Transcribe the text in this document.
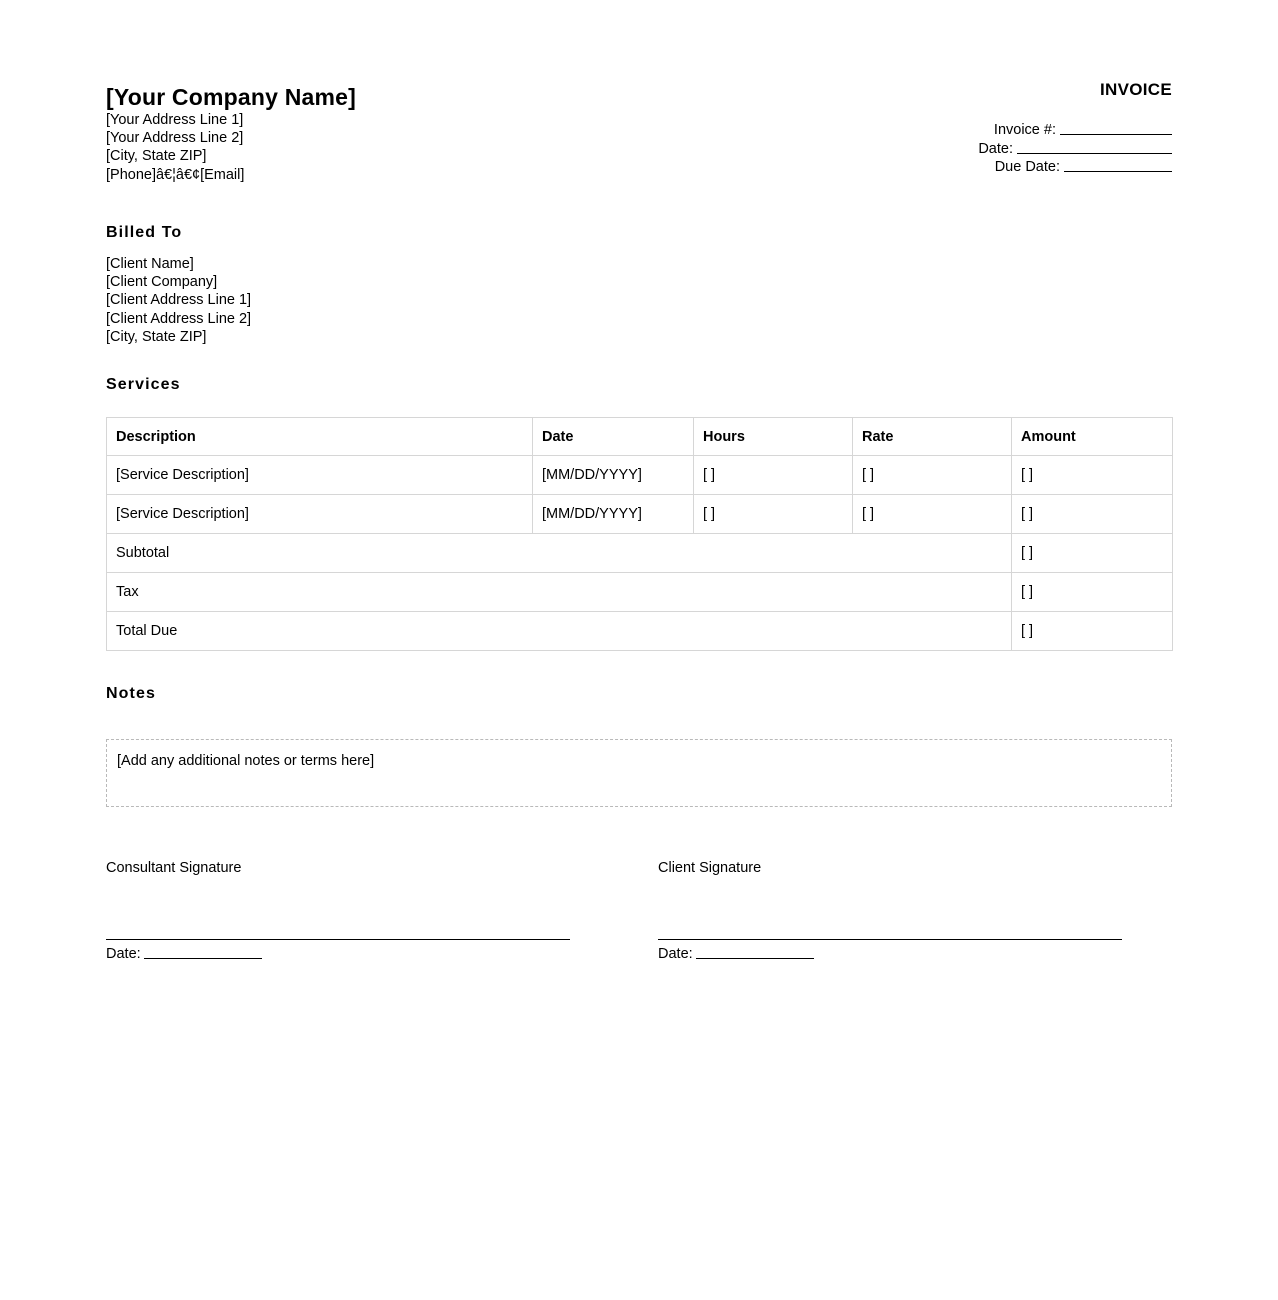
[Your Company Name]
[Your Address Line 1]
[Your Address Line 2]
[City, State ZIP]
[Phone]â€¦â€¢[Email]
INVOICE
Invoice #:
Date:
Due Date:
Billed To
[Client Name]
[Client Company]
[Client Address Line 1]
[Client Address Line 2]
[City, State ZIP]
Services
Description	Date	Hours	Rate	Amount
[Service Description]	[MM/DD/YYYY]	[ ]	[ ]	[ ]
[Service Description]	[MM/DD/YYYY]	[ ]	[ ]	[ ]
Subtotal				[ ]
Tax				[ ]
Total Due				[ ]
Notes
[Add any additional notes or terms here]
Consultant Signature
Date:
Client Signature
Date:
